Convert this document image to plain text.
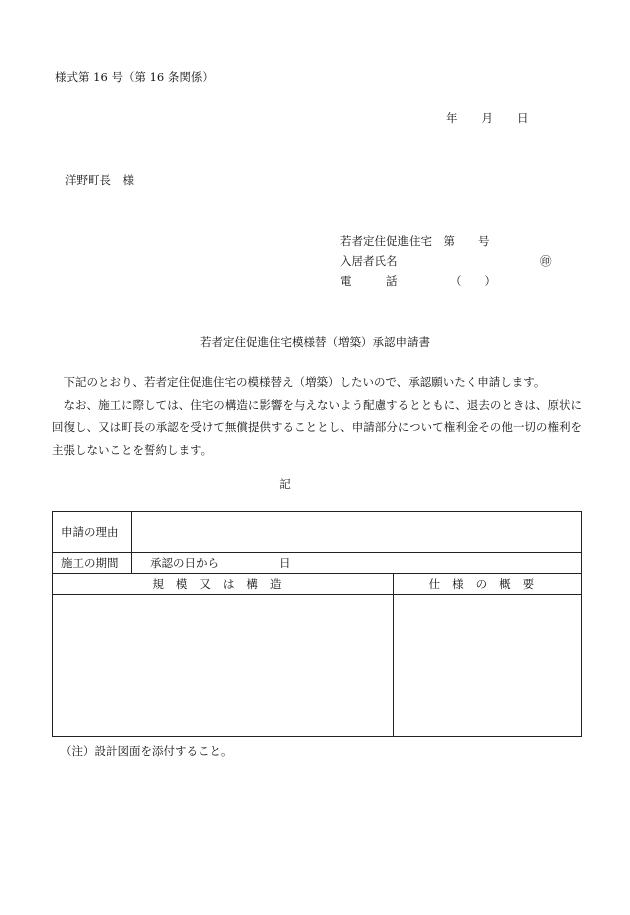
様式第 16 号（第 16 条関係）
年 月 日
洋野町長　様
若者定住促進住宅　第　　号
入居者氏名	㊞
電　　　話	（　　）
若者定住促進住宅模様替（増築）承認申請書

下記のとおり、若者定住促進住宅の模様替え（増築）したいので、承認願いたく申請します。

なお、施工に際しては、住宅の構造に影響を与えないよう配慮するとともに、退去のときは、原状に回復し、又は町長の承認を受けて無償提供することとし、申請部分について権利金その他一切の権利を主張しないことを誓約します。

記
申請の理由		
施工の期間	承認の日から 日	
規模又は構造		仕様の概要

（注）設計図面を添付すること。
